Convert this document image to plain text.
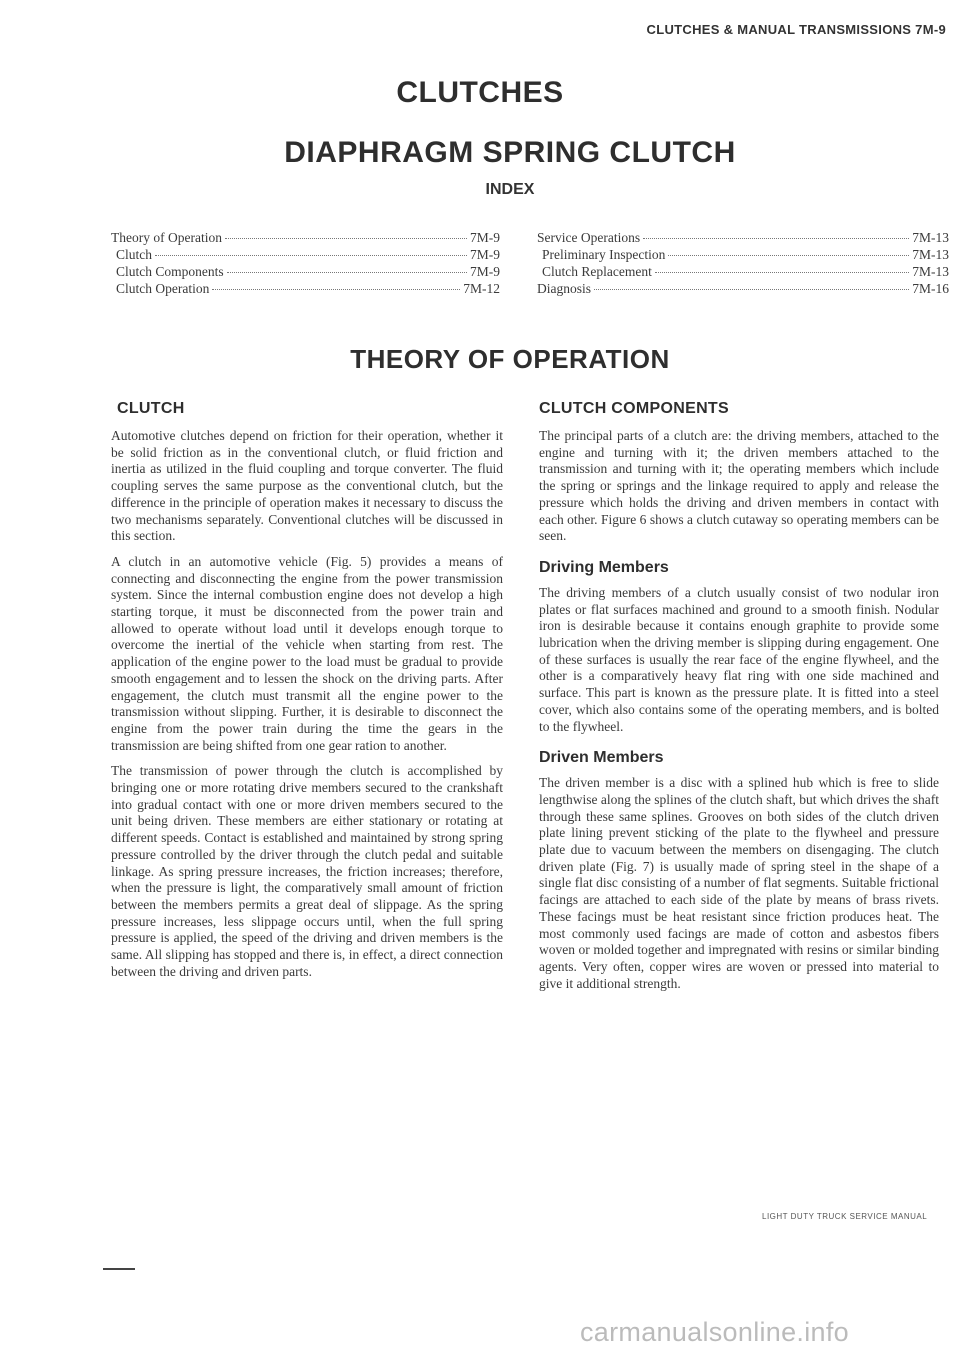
CLUTCHES & MANUAL TRANSMISSIONS 7M-9
CLUTCHES
DIAPHRAGM SPRING CLUTCH
INDEX
Theory of Operation	7M-9
Clutch	7M-9
Clutch Components	7M-9
Clutch Operation	7M-12
Service Operations	7M-13
Preliminary Inspection	7M-13
Clutch Replacement	7M-13
Diagnosis	7M-16
THEORY OF OPERATION
CLUTCH

Automotive clutches depend on friction for their operation, whether it be solid friction as in the conventional clutch, or fluid friction and inertia as utilized in the fluid coupling and torque converter. The fluid coupling serves the same purpose as the conventional clutch, but the difference in the principle of operation makes it necessary to discuss the two mechanisms separately. Conventional clutches will be discussed in this section.

A clutch in an automotive vehicle (Fig. 5) provides a means of connecting and disconnecting the engine from the power transmission system. Since the internal combustion engine does not develop a high starting torque, it must be disconnected from the power train and allowed to operate without load until it develops enough torque to overcome the inertial of the vehicle when starting from rest. The application of the engine power to the load must be gradual to provide smooth engagement and to lessen the shock on the driving parts. After engagement, the clutch must transmit all the engine power to the transmission without slipping. Further, it is desirable to disconnect the engine from the power train during the time the gears in the transmission are being shifted from one gear ration to another.

The transmission of power through the clutch is accomplished by bringing one or more rotating drive members secured to the crankshaft into gradual contact with one or more driven members secured to the unit being driven. These members are either stationary or rotating at different speeds. Contact is established and maintained by strong spring pressure controlled by the driver through the clutch pedal and suitable linkage. As spring pressure increases, the friction increases; therefore, when the pressure is light, the comparatively small amount of friction between the members permits a great deal of slippage. As the spring pressure increases, less slippage occurs until, when the full spring pressure is applied, the speed of the driving and driven members is the same. All slipping has stopped and there is, in effect, a direct connection between the driving and driven parts.

CLUTCH COMPONENTS

The principal parts of a clutch are: the driving members, attached to the engine and turning with it; the driven members attached to the transmission and turning with it; the operating members which include the spring or springs and the linkage required to apply and release the pressure which holds the driving and driven members in contact with each other. Figure 6 shows a clutch cutaway so operating members can be seen.

Driving Members

The driving members of a clutch usually consist of two nodular iron plates or flat surfaces machined and ground to a smooth finish. Nodular iron is desirable because it contains enough graphite to provide some lubrication when the driving member is slipping during engagement. One of these surfaces is usually the rear face of the engine flywheel, and the other is a comparatively heavy flat ring with one side machined and surface. This part is known as the pressure plate. It is fitted into a steel cover, which also contains some of the operating members, and is bolted to the flywheel.

Driven Members

The driven member is a disc with a splined hub which is free to slide lengthwise along the splines of the clutch shaft, but which drives the shaft through these same splines. Grooves on both sides of the clutch driven plate lining prevent sticking of the plate to the flywheel and pressure plate due to vacuum between the members on disengaging. The clutch driven plate (Fig. 7) is usually made of spring steel in the shape of a single flat disc consisting of a number of flat segments. Suitable frictional facings are attached to each side of the plate by means of brass rivets. These facings must be heat resistant since friction produces heat. The most commonly used facings are made of cotton and asbestos fibers woven or molded together and impregnated with resins or similar binding agents. Very often, copper wires are woven or pressed into material to give it additional strength.

LIGHT DUTY TRUCK SERVICE MANUAL
carmanualsonline.info
